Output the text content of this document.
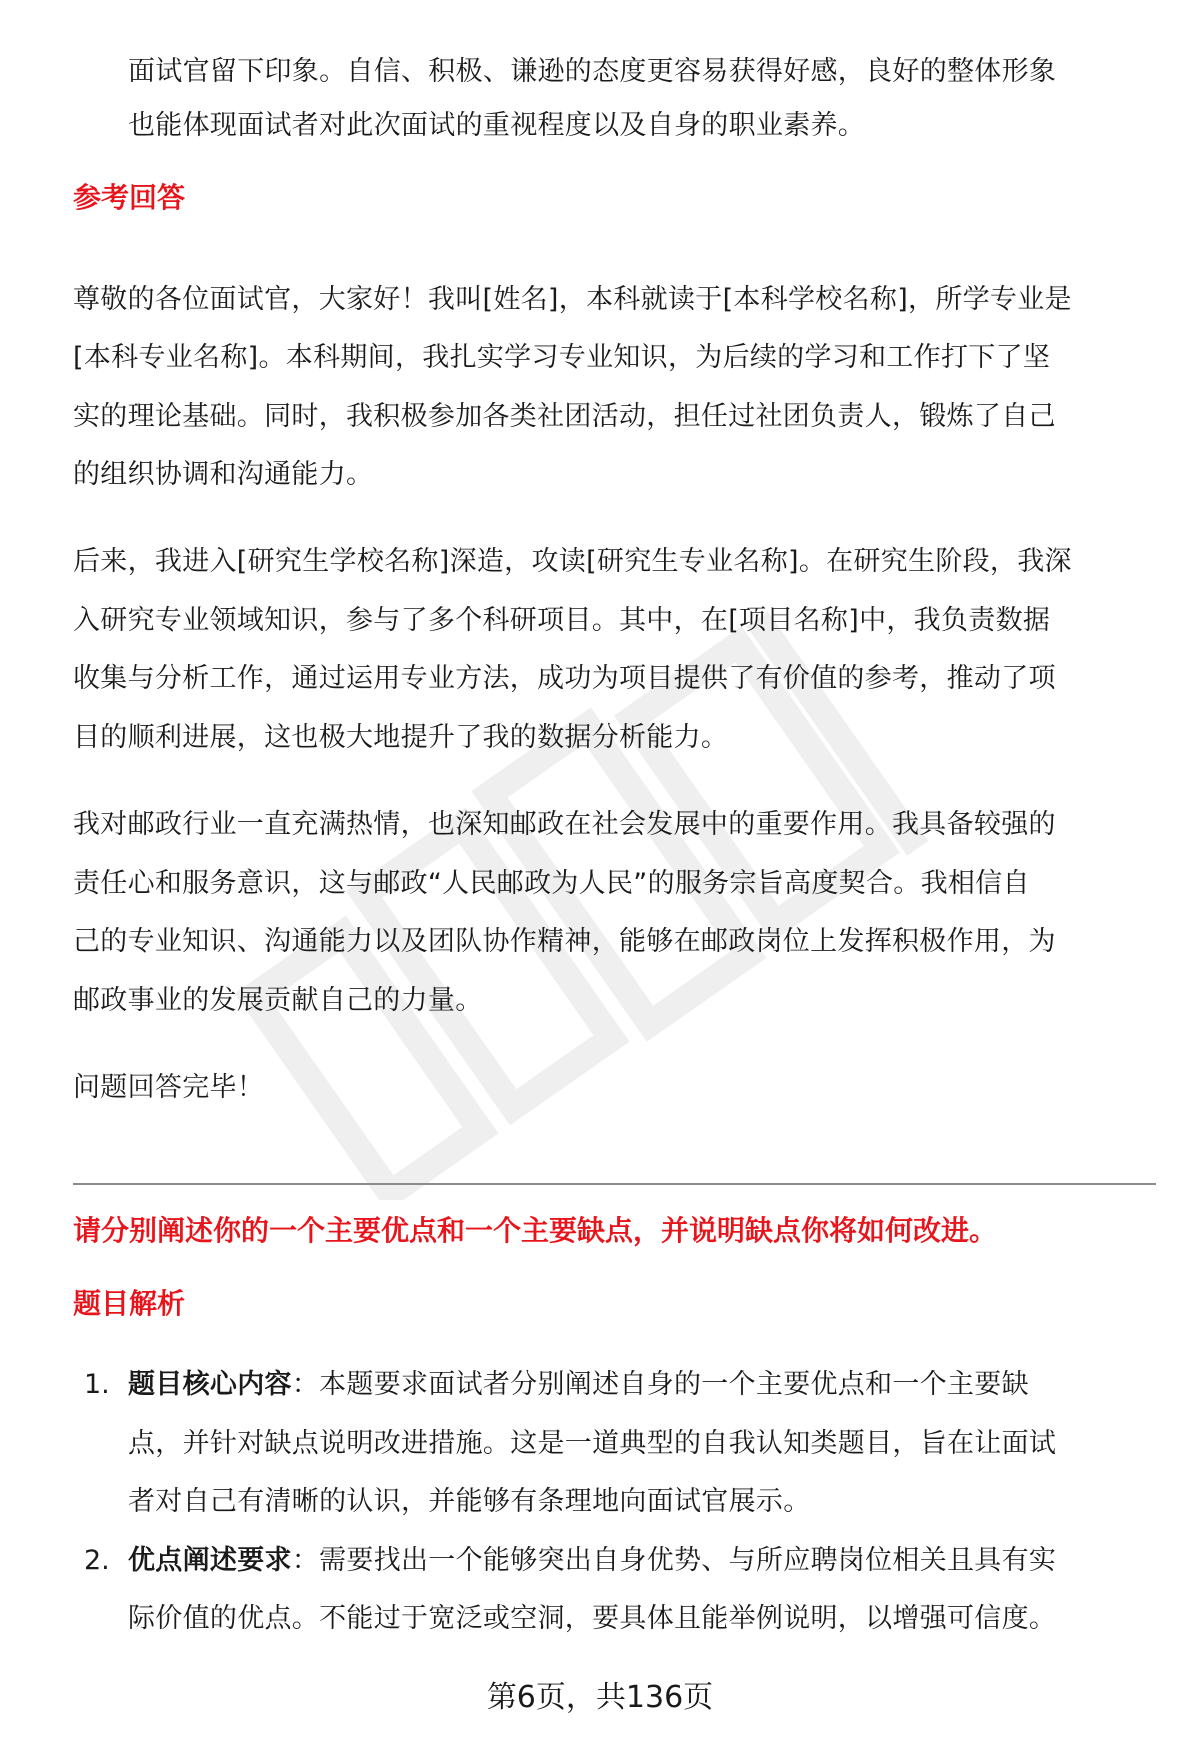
面试官留下印象。自信、积极、谦逊的态度更容易获得好感，良好的整体形象
也能体现面试者对此次面试的重视程度以及自身的职业素养。
参考回答
尊敬的各位面试官，大家好！我叫[姓名]，本科就读于[本科学校名称]，所学专业是
[本科专业名称]。本科期间，我扎实学习专业知识，为后续的学习和工作打下了坚
实的理论基础。同时，我积极参加各类社团活动，担任过社团负责人，锻炼了自己
的组织协调和沟通能力。
后来，我进入[研究生学校名称]深造，攻读[研究生专业名称]。在研究生阶段，我深
入研究专业领域知识，参与了多个科研项目。其中，在[项目名称]中，我负责数据
收集与分析工作，通过运用专业方法，成功为项目提供了有价值的参考，推动了项
目的顺利进展，这也极大地提升了我的数据分析能力。
我对邮政行业一直充满热情，也深知邮政在社会发展中的重要作用。我具备较强的
责任心和服务意识，这与邮政“人民邮政为人民”的服务宗旨高度契合。我相信自
己的专业知识、沟通能力以及团队协作精神，能够在邮政岗位上发挥积极作用，为
邮政事业的发展贡献自己的力量。
问题回答完毕！
请分别阐述你的一个主要优点和一个主要缺点，并说明缺点你将如何改进。
题目解析
1. 题目核心内容：本题要求面试者分别阐述自身的一个主要优点和一个主要缺
点，并针对缺点说明改进措施。这是一道典型的自我认知类题目，旨在让面试
者对自己有清晰的认识，并能够有条理地向面试官展示。
2. 优点阐述要求：需要找出一个能够突出自身优势、与所应聘岗位相关且具有实
际价值的优点。不能过于宽泛或空洞，要具体且能举例说明，以增强可信度。
第6页，共136页
